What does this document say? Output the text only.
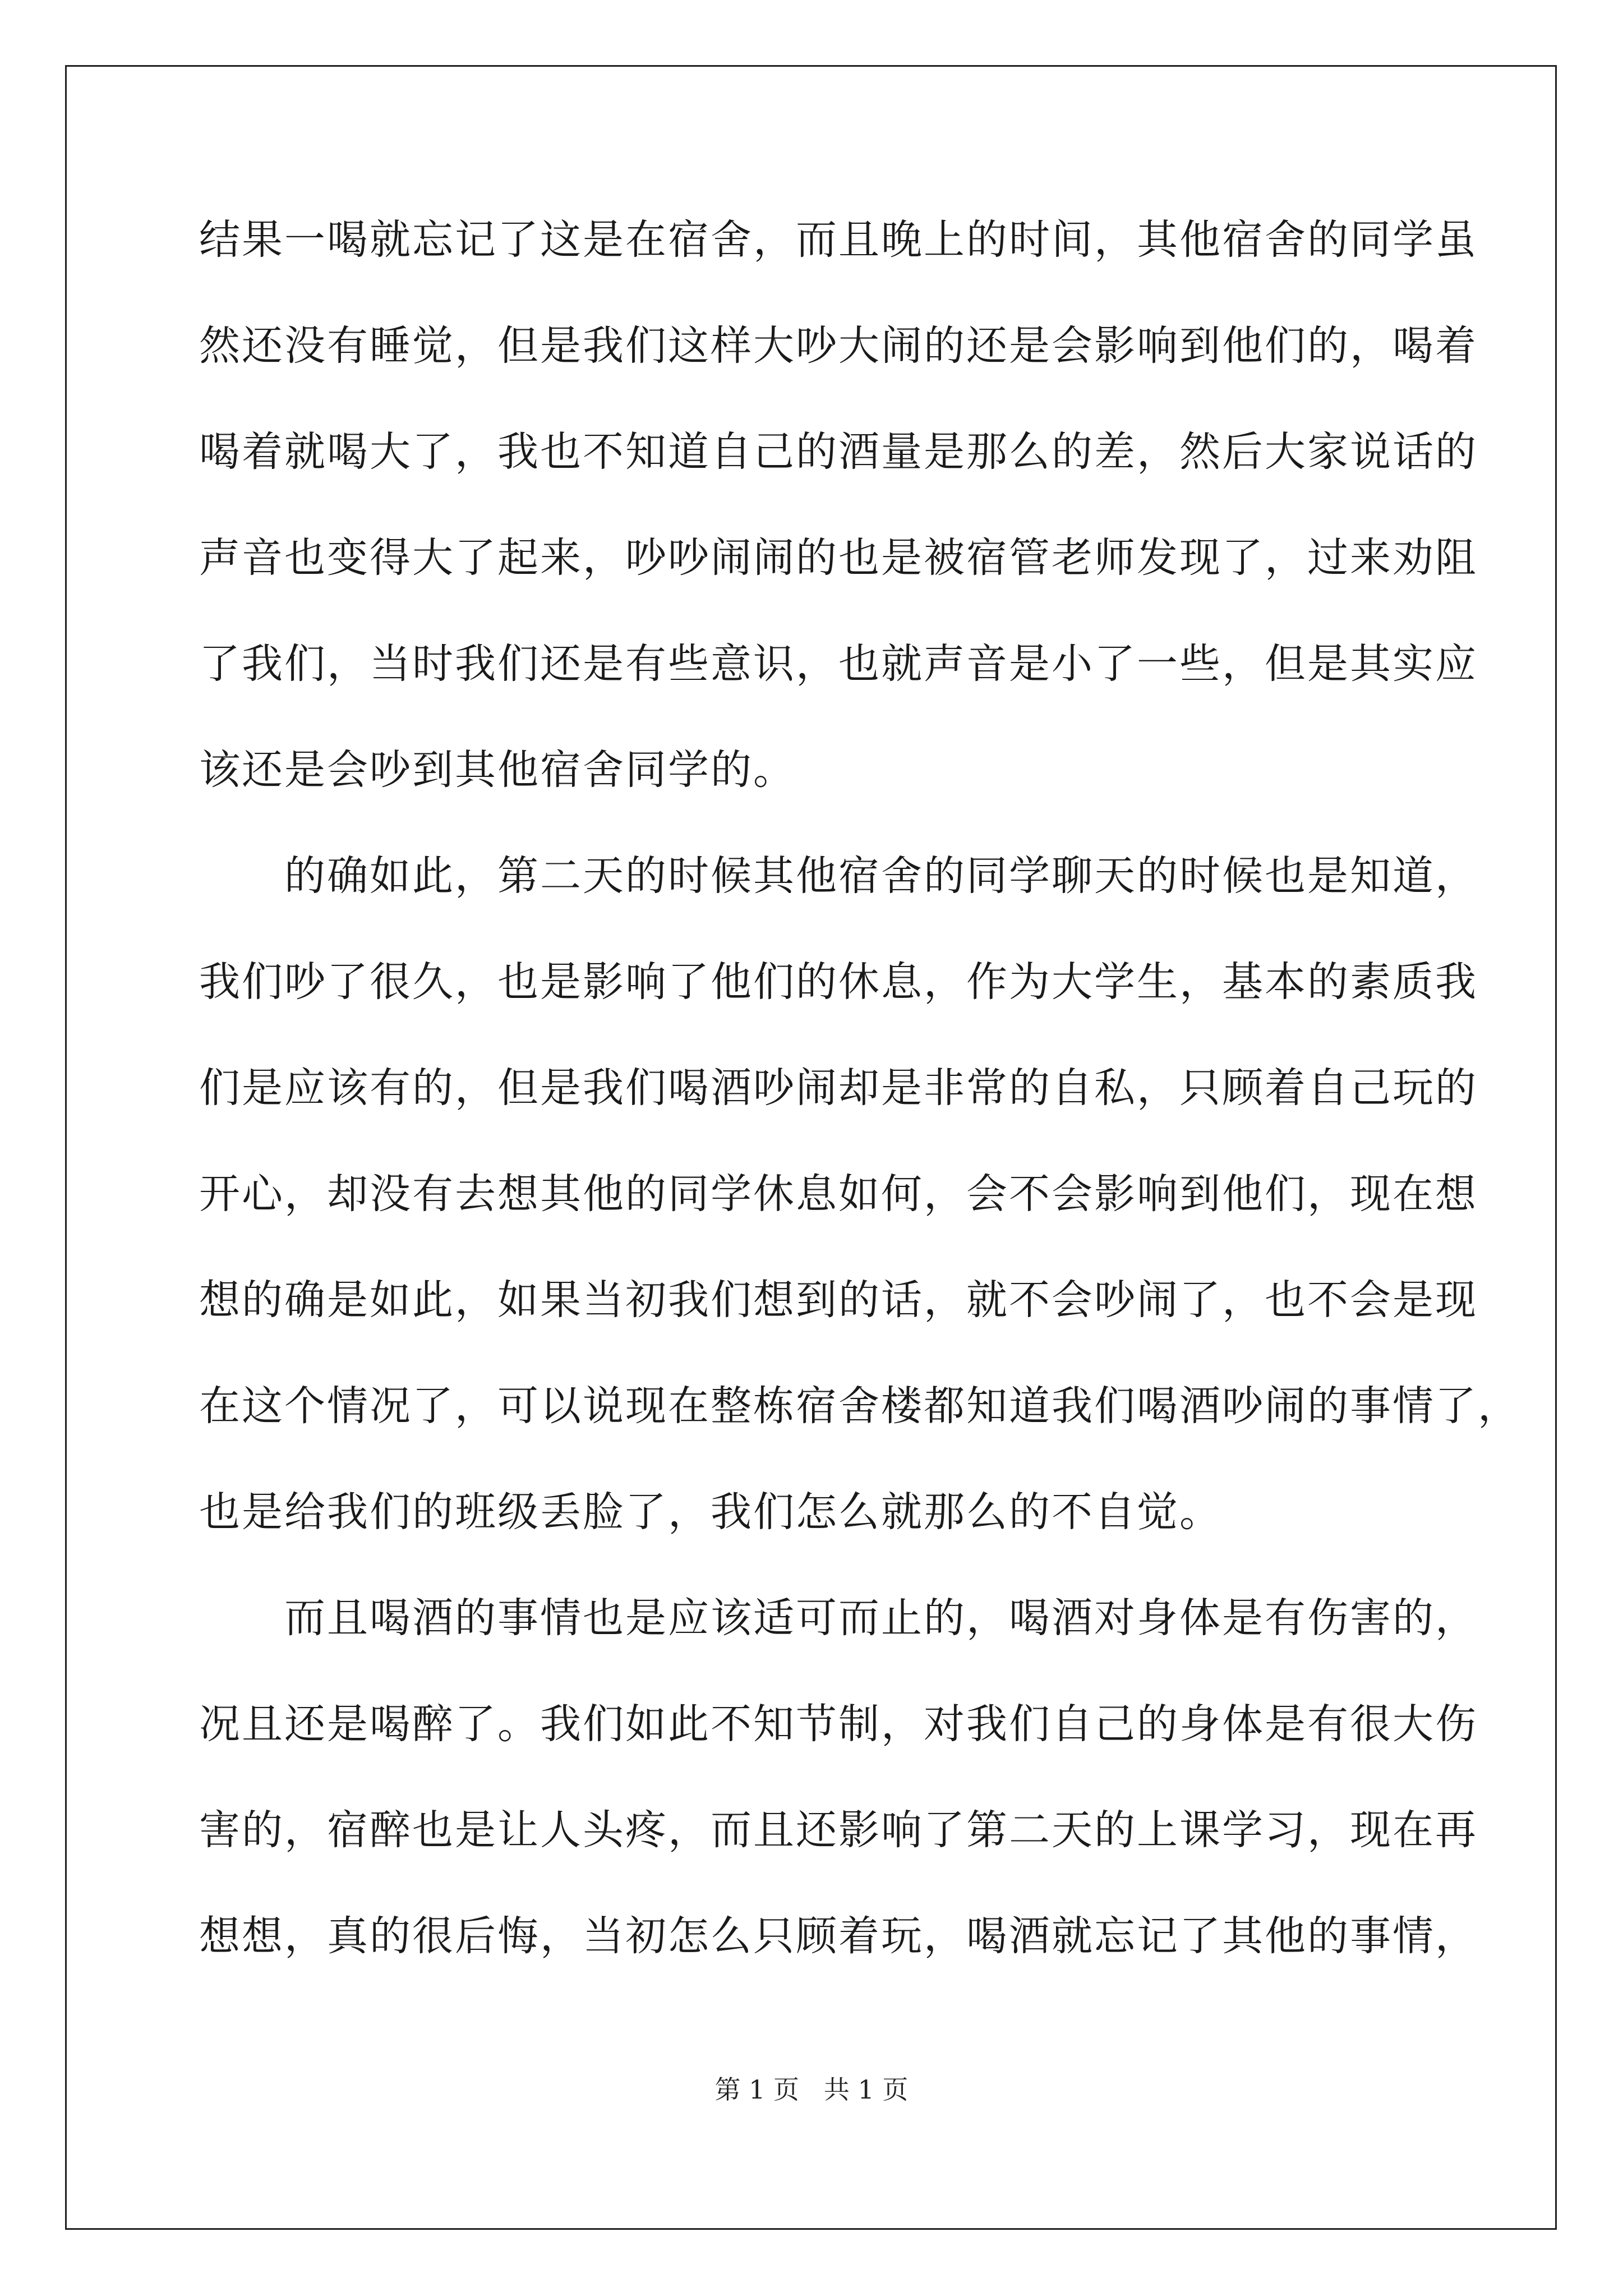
结果一喝就忘记了这是在宿舍，而且晚上的时间，其他宿舍的同学虽
然还没有睡觉，但是我们这样大吵大闹的还是会影响到他们的，喝着
喝着就喝大了，我也不知道自己的酒量是那么的差，然后大家说话的
声音也变得大了起来，吵吵闹闹的也是被宿管老师发现了，过来劝阻
了我们，当时我们还是有些意识，也就声音是小了一些，但是其实应
该还是会吵到其他宿舍同学的。
　　的确如此，第二天的时候其他宿舍的同学聊天的时候也是知道，
我们吵了很久，也是影响了他们的休息，作为大学生，基本的素质我
们是应该有的，但是我们喝酒吵闹却是非常的自私，只顾着自己玩的
开心，却没有去想其他的同学休息如何，会不会影响到他们，现在想
想的确是如此，如果当初我们想到的话，就不会吵闹了，也不会是现
在这个情况了，可以说现在整栋宿舍楼都知道我们喝酒吵闹的事情了，
也是给我们的班级丢脸了，我们怎么就那么的不自觉。
　　而且喝酒的事情也是应该适可而止的，喝酒对身体是有伤害的，
况且还是喝醉了。我们如此不知节制，对我们自己的身体是有很大伤
害的，宿醉也是让人头疼，而且还影响了第二天的上课学习，现在再
想想，真的很后悔，当初怎么只顾着玩，喝酒就忘记了其他的事情，
第 1 页   共 1 页
